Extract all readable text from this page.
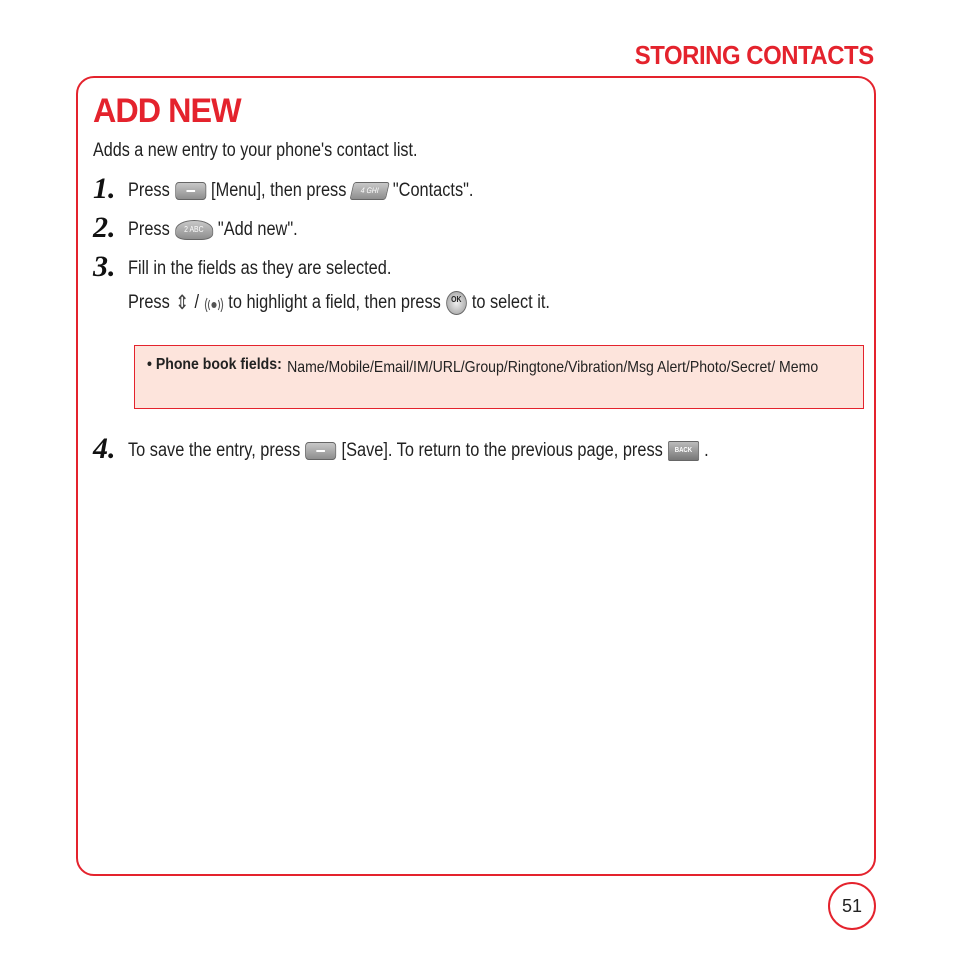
STORING CONTACTS
ADD NEW
Adds a new entry to your phone's contact list.
1. Press [Menu], then press	4 GHI "Contacts".
2. Press	2 ABC "Add new".
3. Fill in the fields as they are selected.
Press ⇕ / to highlight a field, then press	OK to select it.
• Phone book fields: Name/Mobile/Email/IM/URL/Group/Ringtone/Vibration/Msg Alert/Photo/Secret/ Memo
4. To save the entry, press [Save]. To return to the previous page, press	BACK .
51
